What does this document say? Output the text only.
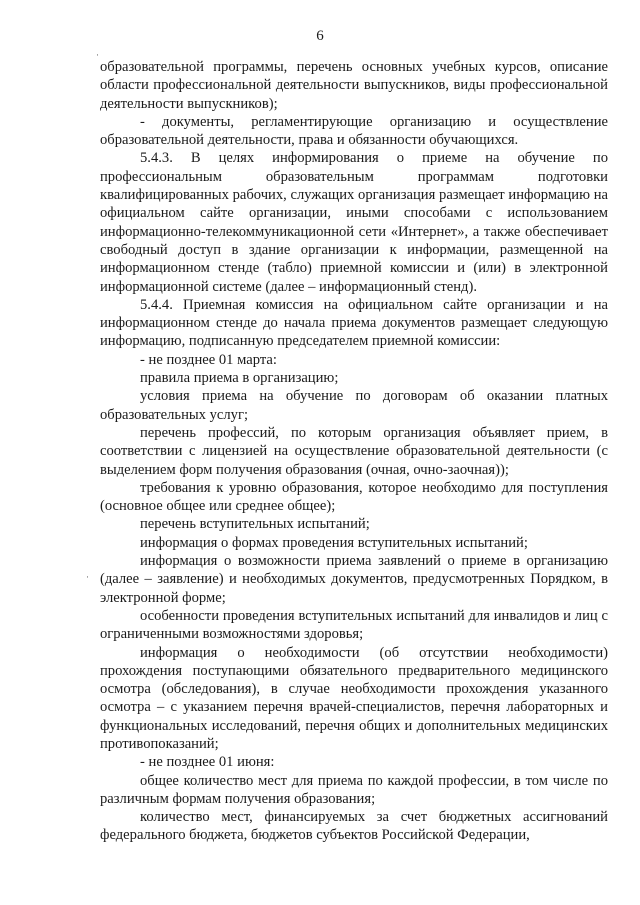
6
·
·

образовательной программы, перечень основных учебных курсов, описание области профессиональной деятельности выпускников, виды профессиональной деятельности выпускников);

- документы, регламентирующие организацию и осуществление образовательной деятельности, права и обязанности обучающихся.

5.4.3. В целях информирования о приеме на обучение по профессиональным образовательным программам подготовки квалифицированных рабочих, служащих организация размещает информацию на официальном сайте организации, иными способами с использованием информационно-телекоммуникационной сети «Интернет», а также обеспечивает свободный доступ в здание организации к информации, размещенной на информационном стенде (табло) приемной комиссии и (или) в электронной информационной системе (далее – информационный стенд).

5.4.4. Приемная комиссия на официальном сайте организации и на информационном стенде до начала приема документов размещает следующую информацию, подписанную председателем приемной комиссии:

- не позднее 01 марта:

правила приема в организацию;

условия приема на обучение по договорам об оказании платных образовательных услуг;

перечень профессий, по которым организация объявляет прием, в соответствии с лицензией на осуществление образовательной деятельности (с выделением форм получения образования (очная, очно-заочная));

требования к уровню образования, которое необходимо для поступления (основное общее или среднее общее);

перечень вступительных испытаний;

информация о формах проведения вступительных испытаний;

информация о возможности приема заявлений о приеме в организацию (далее – заявление) и необходимых документов, предусмотренных Порядком, в электронной форме;

особенности проведения вступительных испытаний для инвалидов и лиц с ограниченными возможностями здоровья;

информация о необходимости (об отсутствии необходимости) прохождения поступающими обязательного предварительного медицинского осмотра (обследования), в случае необходимости прохождения указанного осмотра – с указанием перечня врачей-специалистов, перечня лабораторных и функциональных исследований, перечня общих и дополнительных медицинских противопоказаний;

- не позднее 01 июня:

общее количество мест для приема по каждой профессии, в том числе по различным формам получения образования;

количество мест, финансируемых за счет бюджетных ассигнований федерального бюджета, бюджетов субъектов Российской Федерации,
